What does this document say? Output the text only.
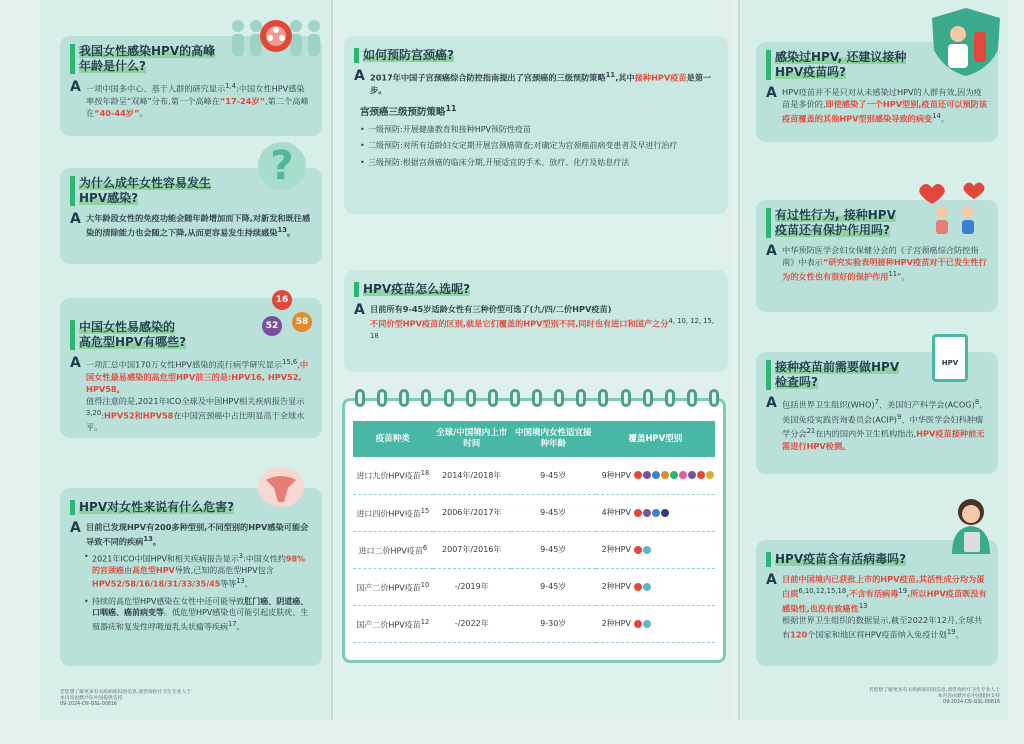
我国女性感染HPV的高峰
年龄是什么?
A 一项中国多中心、基于人群的研究显示$^{1,4}$:中国女性HPV感染率按年龄呈“双峰”分布,第一个高峰在“17-24岁”,第二个高峰在“40-44岁”。
为什么成年女性容易发生
HPV感染?
A 大年龄段女性的免疫功能会随年龄增加而下降,对新发和既往感染的清除能力也会随之下降,从而更容易发生持续感染$^{13}$。
?
中国女性易感染的
高危型HPV有哪些?
A 一项汇总中国170万女性HPV感染的流行病学研究显示$^{15,6}$,中国女性最易感染的高危型HPV前三的是:HPV16, HPV52, HPV58。
值得注意的是,2021年ICO全球及中国HPV相关疾病报告显示$^{3,20}$:HPV52和HPV58在中国宫颈癌中占比明显高于全球水平。
16
52	58
HPV对女性来说有什么危害?
A 目前已发现HPV有200多种型别,不同型别的HPV感染可能会导致不同的疾病$^{13}$。
• 2021年ICO中国HPV和相关疾病报告显示$^3$:中国女性约98%的宫颈癌由高危型HPV导致,已知的高危型HPV包含HPV52/58/16/18/31/33/35/45等等$^{13}$。
• 持续的高危型HPV感染在女性中还可能导致肛门癌、阴道癌、口咽癌、癌前病变等。低危型HPV感染也可能引起皮肤疣、生殖器疣和复发性呼吸道乳头状瘤等疾病$^{17}$。
若您想了解更多有关疾病知识的信息,请咨询医疗卫生专业人士
本内容由默沙东中国提供支持
09-2024-CN-GSL-00816
如何预防宫颈癌?
A 2017年中国子宫颈癌综合防控指南提出了宫颈癌的三级预防策略$^{11}$,其中接种HPV疫苗是第一步。
宫颈癌三级预防策略$^{11}$
• 一级预防:开展健康教育和接种HPV预防性疫苗
• 二级预防:对所有适龄妇女定期开展宫颈癌筛查;对确定为宫颈癌前病变患者及早进行治疗
• 三级预防:根据宫颈癌的临床分期,开展适宜的手术、放疗、化疗及姑息疗法
HPV疫苗怎么选呢?
A 目前所有9-45岁适龄女性有三种价型可选了(九/四/二价HPV疫苗)
不同价型HPV疫苗的区别,就是它们覆盖的HPV型别不同,同时也有进口和国产之分$^{4, 10, 12, 15, 18}$
疫苗种类	全球/中国境内上市时间	中国境内女性适宜接种年龄	覆盖HPV型别
进口九价HPV疫苗$^{18}$	2014年/2018年	9-45岁	9种HPV
进口四价HPV疫苗$^{15}$	2006年/2017年	9-45岁	4种HPV
进口二价HPV疫苗$^6$	2007年/2016年	9-45岁	2种HPV
国产二价HPV疫苗$^{10}$	-/2019年	9-45岁	2种HPV
国产二价HPV疫苗$^{12}$	-/2022年	9-30岁	2种HPV
感染过HPV, 还建议接种
HPV疫苗吗?
A HPV疫苗并不是只对从未感染过HPV的人群有效,因为疫苗是多价的,即使感染了一个HPV型别,疫苗还可以预防该疫苗覆盖的其他HPV型别感染导致的病变$^{14}$。
有过性行为, 接种HPV
疫苗还有保护作用吗?
A 中华预防医学会妇女保健分会的《子宫颈癌综合防控指南》中表示“研究实验表明接种HPV疫苗对于已发生性行为的女性也有很好的保护作用$^{11}$”。
接种疫苗前需要做HPV
检查吗?
A 包括世界卫生组织(WHO)$^7$、美国妇产科学会(ACOG)$^8$、美国免疫实践咨询委员会(ACIP)$^9$、中华医学会妇科肿瘤学分会$^{21}$在内的国内外卫生机构指出,HPV疫苗接种前无需进行HPV检测。
HPV
HPV疫苗含有活病毒吗?
A 目前中国境内已获批上市的HPV疫苗,其活性成分均为蛋白质$^{6,10,12,15,18}$,不含有活病毒$^{19}$,所以HPV疫苗既没有感染性,也没有致癌性$^{13}$
根据世界卫生组织的数据显示,截至2022年12月,全球共有120个国家和地区将HPV疫苗纳入免疫计划$^{19}$。
若您想了解更多有关疾病知识的信息,请咨询医疗卫生专业人士
本内容由默沙东中国提供支持
09-2024-CN-GSL-00816
